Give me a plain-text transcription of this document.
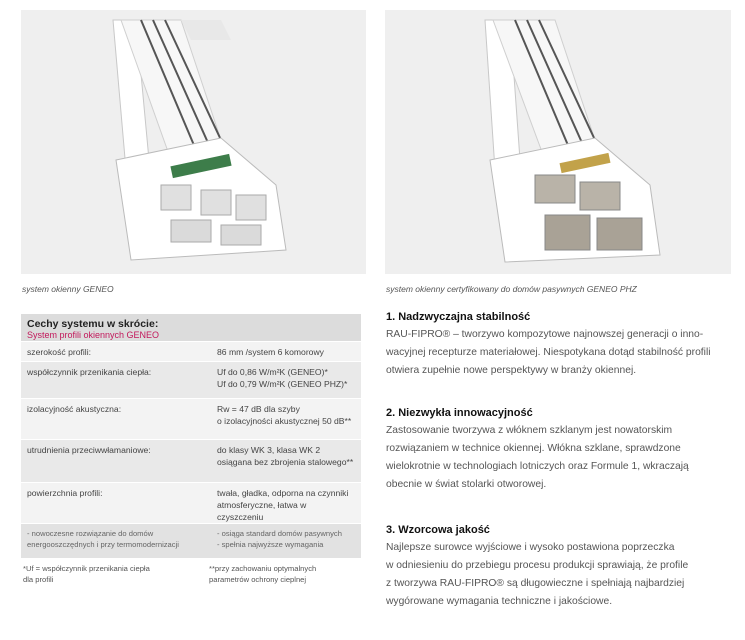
system okienny GENEO	system okienny certyfikowany do domów pasywnych GENEO PHZ
Cechy systemu w skrócie:
System profili okiennych GENEO
szerokość profili:	86 mm /system 6 komorowy
współczynnik przenikania ciepła:	Uf do 0,86 W/m²K (GENEO)*
Uf do 0,79 W/m²K (GENEO PHZ)*
izolacyjność akustyczna:	Rw = 47 dB dla szyby
o izolacyjności akustycznej 50 dB**
utrudnienia przeciwwłamaniowe:	do klasy WK 3, klasa WK 2
osiągana bez zbrojenia stalowego**
powierzchnia profili:	twała, gładka, odporna na czynniki
atmosferyczne, łatwa w czyszczeniu
- nowoczesne rozwiązanie do domów
energooszczędnych i przy termomodernizacji
- osiąga standard domów pasywnych
- spełnia najwyższe wymagania
*Uf = współczynnik przenikania ciepła
dla profili
**przy zachowaniu optymalnych
parametrów ochrony cieplnej
1. Nadzwyczajna stabilność
RAU-FIPRO® – tworzywo kompozytowe najnowszej generacji o inno-
wacyjnej recepturze materiałowej. Niespotykana dotąd stabilność profili
otwiera zupełnie nowe perspektywy w branży okiennej.
2. Niezwykła innowacyjność
Zastosowanie tworzywa z włóknem szklanym jest nowatorskim
rozwiązaniem w technice okiennej. Włókna szklane, sprawdzone
wielokrotnie w technologiach lotniczych oraz Formule 1, wkraczają
obecnie w świat stolarki otworowej.
3. Wzorcowa jakość
Najlepsze surowce wyjściowe i wysoko postawiona poprzeczka
w odniesieniu do przebiegu procesu produkcji sprawiają, że profile
z tworzywa RAU-FIPRO® są długowieczne i spełniają najbardziej
wygórowane wymagania techniczne i jakościowe.
